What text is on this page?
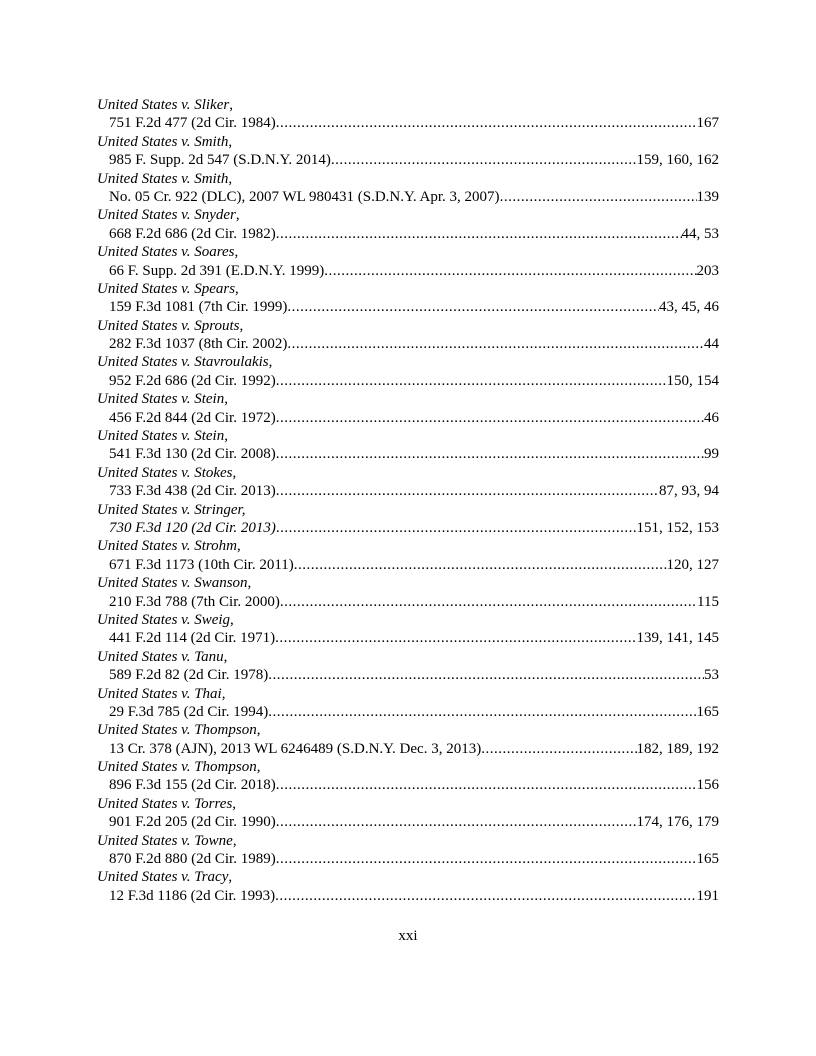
United States v. Sliker,
751 F.2d 477 (2d Cir. 1984) .....	167
United States v. Smith,
985 F. Supp. 2d 547 (S.D.N.Y. 2014) .....	159, 160, 162
United States v. Smith,
No. 05 Cr. 922 (DLC), 2007 WL 980431 (S.D.N.Y. Apr. 3, 2007) .....	139
United States v. Snyder,
668 F.2d 686 (2d Cir. 1982) .....	44, 53
United States v. Soares,
66 F. Supp. 2d 391 (E.D.N.Y. 1999) .....	203
United States v. Spears,
159 F.3d 1081 (7th Cir. 1999) .....	43, 45, 46
United States v. Sprouts,
282 F.3d 1037 (8th Cir. 2002) .....	44
United States v. Stavroulakis,
952 F.2d 686 (2d Cir. 1992) .....	150, 154
United States v. Stein,
456 F.2d 844 (2d Cir. 1972) .....	46
United States v. Stein,
541 F.3d 130 (2d Cir. 2008) .....	99
United States v. Stokes,
733 F.3d 438 (2d Cir. 2013) .....	87, 93, 94
United States v. Stringer,
730 F.3d 120 (2d Cir. 2013) .....	151, 152, 153
United States v. Strohm,
671 F.3d 1173 (10th Cir. 2011) .....	120, 127
United States v. Swanson,
210 F.3d 788 (7th Cir. 2000) .....	115
United States v. Sweig,
441 F.2d 114 (2d Cir. 1971) .....	139, 141, 145
United States v. Tanu,
589 F.2d 82 (2d Cir. 1978) .....	53
United States v. Thai,
29 F.3d 785 (2d Cir. 1994) .....	165
United States v. Thompson,
13 Cr. 378 (AJN), 2013 WL 6246489 (S.D.N.Y. Dec. 3, 2013) .....	182, 189, 192
United States v. Thompson,
896 F.3d 155 (2d Cir. 2018) .....	156
United States v. Torres,
901 F.2d 205 (2d Cir. 1990) .....	174, 176, 179
United States v. Towne,
870 F.2d 880 (2d Cir. 1989) .....	165
United States v. Tracy,
12 F.3d 1186 (2d Cir. 1993) .....	191
xxi
